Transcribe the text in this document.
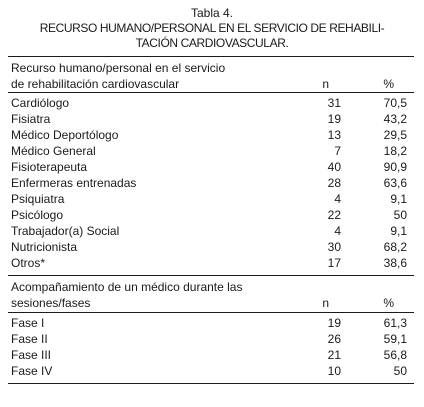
Tabla 4.
RECURSO HUMANO/PERSONAL EN EL SERVICIO DE REHABILI-
TACIÓN CARDIOVASCULAR.
Recurso humano/personal en el servicio
de rehabilitación cardiovascular	n	%
Cardiólogo	31	70,5
Fisiatra	19	43,2
Médico Deportólogo	13	29,5
Médico General	7	18,2
Fisioterapeuta	40	90,9
Enfermeras entrenadas	28	63,6
Psiquiatra	4	9,1
Psicólogo	22	50
Trabajador(a) Social	4	9,1
Nutricionista	30	68,2
Otros*	17	38,6
Acompañamiento de un médico durante las
sesiones/fases	n	%
Fase I	19	61,3
Fase II	26	59,1
Fase III	21	56,8
Fase IV	10	50
